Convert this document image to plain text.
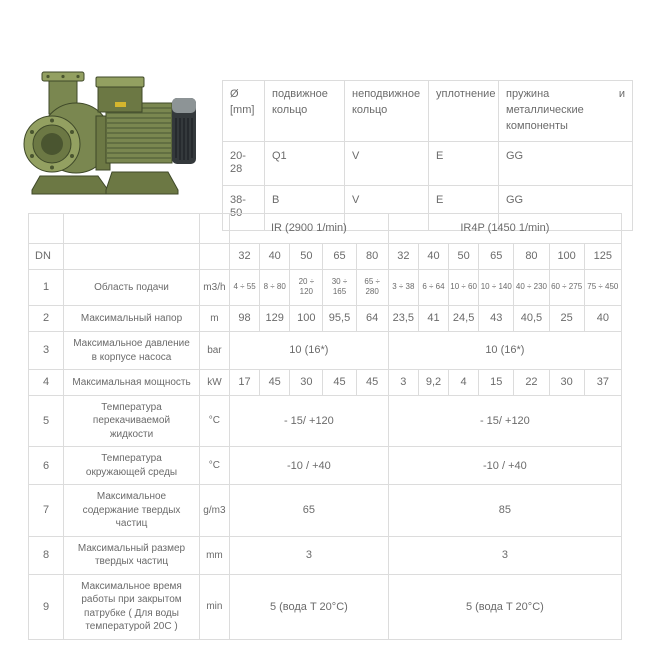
Ø [mm]	подвижное кольцо	неподвижное кольцо	уплотнение	пружина и металлические компоненты
20-28	Q1	V	E	GG
38-50	B	V	E	GG
			IR (2900 1/min)					IR4P (1450 1/min)						
DN			32	40	50	65	80	32	40	50	65	80	100	125
1	Область подачи	m3/h	4 ÷ 55	8 ÷ 80	20 ÷ 120	30 ÷ 165	65 ÷ 280	3 ÷ 38	6 ÷ 64	10 ÷ 60	10 ÷ 140	40 ÷ 230	60 ÷ 275	75 ÷ 450
2	Максимальный напор	m	98	129	100	95,5	64	23,5	41	24,5	43	40,5	25	40
3	Максимальное давление в корпусе насоса	bar	10 (16*)					10 (16*)						
4	Максимальная мощность	kW	17	45	30	45	45	3	9,2	4	15	22	30	37
5	Температура перекачиваемой жидкости	°C	- 15/ +120					- 15/ +120						
6	Температура окружающей среды	°C	-10 / +40					-10 / +40						
7	Максимальное содержание твердых частиц	g/m3	65					85						
8	Максимальный размер твердых частиц	mm	3					3						
9	Максимальное время работы при закрытом патрубке ( Для воды температурой 20С )	min	5 (вода T 20°C)					5 (вода T 20°C)						
